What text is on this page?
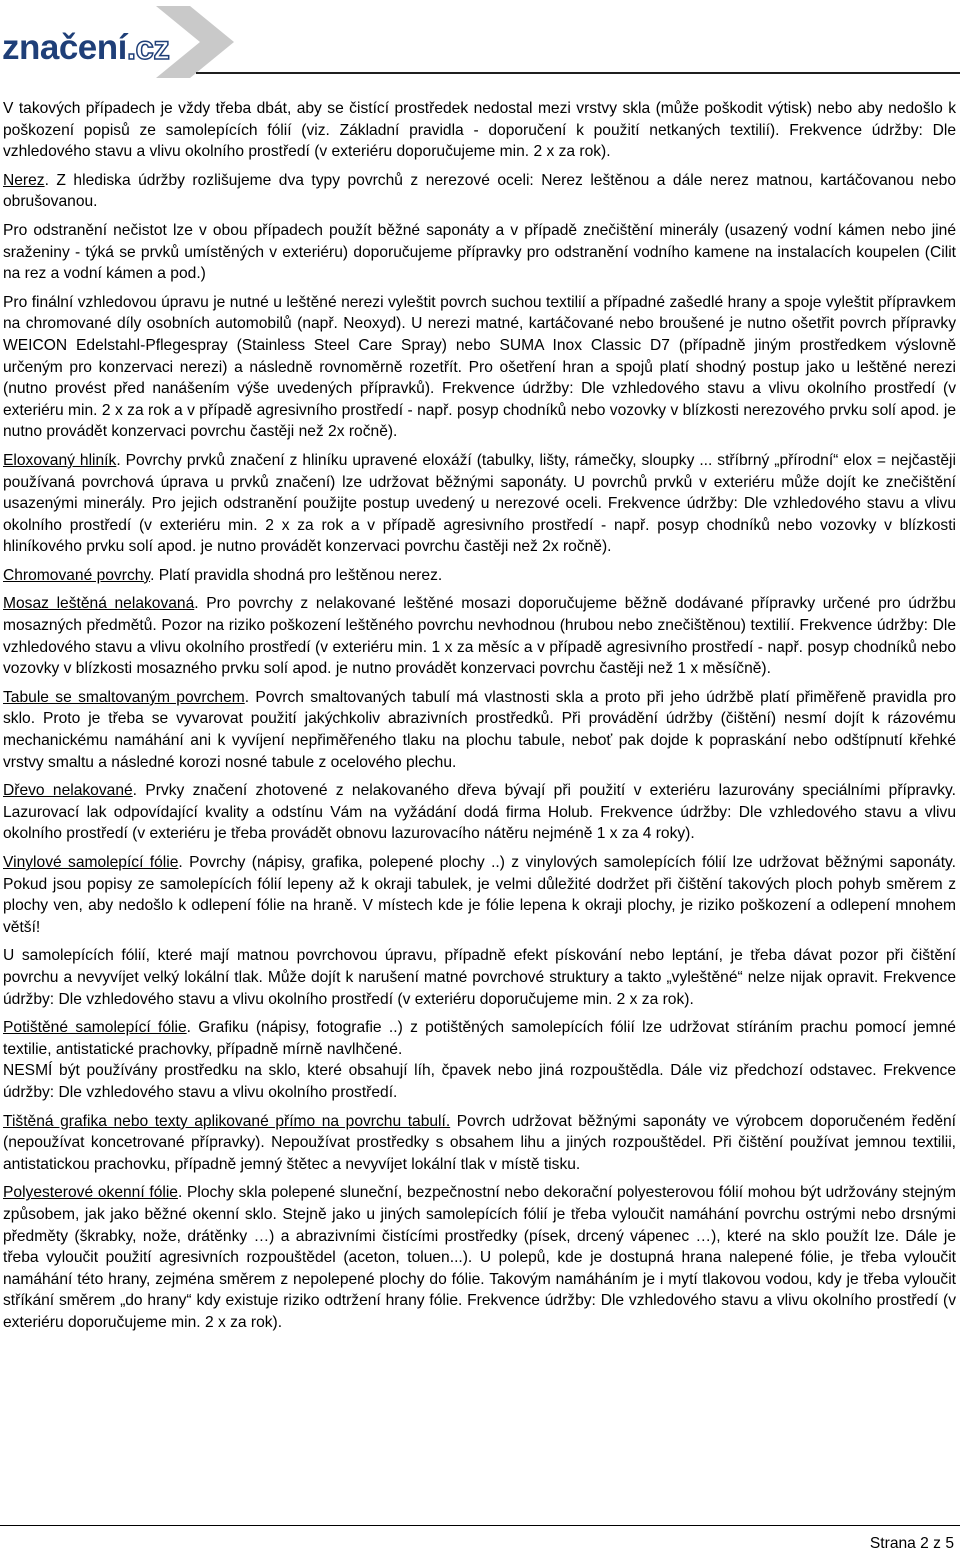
značení.cz

V takových případech je vždy třeba dbát, aby se čistící prostředek nedostal mezi vrstvy skla (může poškodit výtisk) nebo aby nedošlo k poškození popisů ze samolepících fólií (viz. Základní pravidla - doporučení k použití netkaných textilií). Frekvence údržby: Dle vzhledového stavu a vlivu okolního prostředí (v exteriéru doporučujeme min. 2 x za rok).

Nerez. Z hlediska údržby rozlišujeme dva typy povrchů z nerezové oceli: Nerez leštěnou a dále nerez matnou, kartáčovanou nebo obrušovanou.

Pro odstranění nečistot lze v obou případech použít běžné saponáty a v případě znečištění minerály (usazený vodní kámen nebo jiné sraženiny - týká se prvků umístěných v exteriéru) doporučujeme přípravky pro odstranění vodního kamene na instalacích koupelen (Cilit na rez a vodní kámen a pod.)

Pro finální vzhledovou úpravu je nutné u leštěné nerezi vyleštit povrch suchou textilií a případné zašedlé hrany a spoje vyleštit přípravkem na chromované díly osobních automobilů (např. Neoxyd). U nerezi matné, kartáčované nebo broušené je nutno ošetřit povrch přípravky WEICON Edelstahl-Pflegespray (Stainless Steel Care Spray) nebo SUMA Inox Classic D7 (případně jiným prostředkem výslovně určeným pro konzervaci nerezi) a následně rovnoměrně rozetřít. Pro ošetření hran a spojů platí shodný postup jako u leštěné nerezi (nutno provést před nanášením výše uvedených přípravků). Frekvence údržby: Dle vzhledového stavu a vlivu okolního prostředí (v exteriéru min. 2 x za rok a v případě agresivního prostředí - např. posyp chodníků nebo vozovky v blízkosti nerezového prvku solí apod. je nutno provádět konzervaci povrchu častěji než 2x ročně).

Eloxovaný hliník. Povrchy prvků značení z hliníku upravené eloxáží (tabulky, lišty, rámečky, sloupky ... stříbrný „přírodní“ elox = nejčastěji používaná povrchová úprava u prvků značení) lze udržovat běžnými saponáty. U povrchů prvků v exteriéru může dojít ke znečištění usazenými minerály. Pro jejich odstranění použijte postup uvedený u nerezové oceli. Frekvence údržby: Dle vzhledového stavu a vlivu okolního prostředí (v exteriéru min. 2 x za rok a v případě agresivního prostředí - např. posyp chodníků nebo vozovky v blízkosti hliníkového prvku solí apod. je nutno provádět konzervaci povrchu častěji než 2x ročně).

Chromované povrchy. Platí pravidla shodná pro leštěnou nerez.

Mosaz leštěná nelakovaná. Pro povrchy z nelakované leštěné mosazi doporučujeme běžně dodávané přípravky určené pro údržbu mosazných předmětů. Pozor na riziko poškození leštěného povrchu nevhodnou (hrubou nebo znečištěnou) textilií. Frekvence údržby: Dle vzhledového stavu a vlivu okolního prostředí (v exteriéru min. 1 x za měsíc a v případě agresivního prostředí - např. posyp chodníků nebo vozovky v blízkosti mosazného prvku solí apod. je nutno provádět konzervaci povrchu častěji než 1 x měsíčně).

Tabule se smaltovaným povrchem. Povrch smaltovaných tabulí má vlastnosti skla a proto při jeho údržbě platí přiměřeně pravidla pro sklo. Proto je třeba se vyvarovat použití jakýchkoliv abrazivních prostředků. Při provádění údržby (čištění) nesmí dojít k rázovému mechanickému namáhání ani k vyvíjení nepřiměřeného tlaku na plochu tabule, neboť pak dojde k popraskání nebo odštípnutí křehké vrstvy smaltu a následné korozi nosné tabule z ocelového plechu.

Dřevo nelakované. Prvky značení zhotovené z nelakovaného dřeva bývají při použití v exteriéru lazurovány speciálními přípravky. Lazurovací lak odpovídající kvality a odstínu Vám na vyžádání dodá firma Holub. Frekvence údržby: Dle vzhledového stavu a vlivu okolního prostředí (v exteriéru je třeba provádět obnovu lazurovacího nátěru nejméně 1 x za 4 roky).

Vinylové samolepící fólie. Povrchy (nápisy, grafika, polepené plochy ..) z vinylových samolepících fólií lze udržovat běžnými saponáty. Pokud jsou popisy ze samolepících fólií lepeny až k okraji tabulek, je velmi důležité dodržet při čištění takových ploch pohyb směrem z plochy ven, aby nedošlo k odlepení fólie na hraně. V místech kde je fólie lepena k okraji plochy, je riziko poškození a odlepení mnohem větší!

U samolepících fólií, které mají matnou povrchovou úpravu, případně efekt pískování nebo leptání, je třeba dávat pozor při čištění povrchu a nevyvíjet velký lokální tlak. Může dojít k narušení matné povrchové struktury a takto „vyleštěné“ nelze nijak opravit. Frekvence údržby: Dle vzhledového stavu a vlivu okolního prostředí (v exteriéru doporučujeme min. 2 x za rok).

Potištěné samolepící fólie. Grafiku (nápisy, fotografie ..) z potištěných samolepících fólií lze udržovat stíráním prachu pomocí jemné textilie, antistatické prachovky, případně mírně navlhčené.

NESMÍ být používány prostředku na sklo, které obsahují líh, čpavek nebo jiná rozpouštědla. Dále viz předchozí odstavec. Frekvence údržby: Dle vzhledového stavu a vlivu okolního prostředí.

Tištěná grafika nebo texty aplikované přímo na povrchu tabulí. Povrch udržovat běžnými saponáty ve výrobcem doporučeném ředění (nepoužívat koncetrované přípravky). Nepoužívat prostředky s obsahem lihu a jiných rozpouštědel. Při čištění používat jemnou textilii, antistatickou prachovku, případně jemný štětec a nevyvíjet lokální tlak v místě tisku.

Polyesterové okenní fólie. Plochy skla polepené sluneční, bezpečnostní nebo dekorační polyesterovou fólií mohou být udržovány stejným způsobem, jak jako běžné okenní sklo. Stejně jako u jiných samolepících fólií je třeba vyloučit namáhání povrchu ostrými nebo drsnými předměty (škrabky, nože, drátěnky …) a abrazivními čistícími prostředky (písek, drcený vápenec …), které na sklo použít lze. Dále je třeba vyloučit použití agresivních rozpouštědel (aceton, toluen...). U polepů, kde je dostupná hrana nalepené fólie, je třeba vyloučit namáhání této hrany, zejména směrem z nepolepené plochy do fólie. Takovým namáháním je i mytí tlakovou vodou, kdy je třeba vyloučit stříkání směrem „do hrany“ kdy existuje riziko odtržení hrany fólie. Frekvence údržby: Dle vzhledového stavu a vlivu okolního prostředí (v exteriéru doporučujeme min. 2 x za rok).

Strana 2 z 5
